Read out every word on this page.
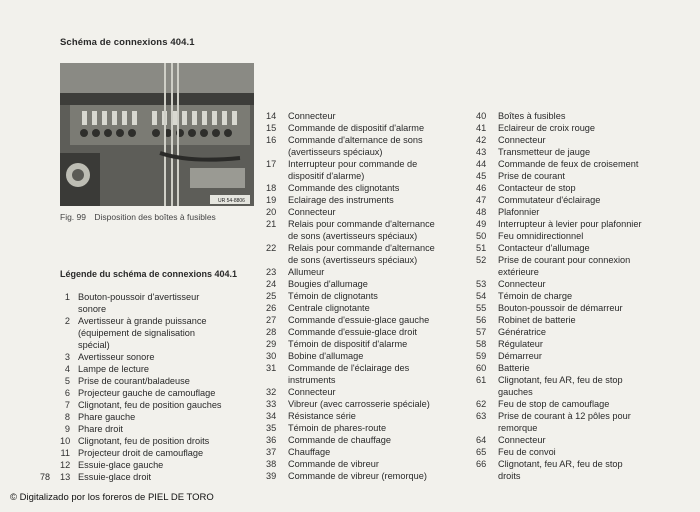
Schéma de connexions 404.1
UR 54-8806
Fig. 99 Disposition des boîtes à fusibles
Légende du schéma de connexions 404.1
1 Bouton-poussoir d'avertisseur
sonore
2 Avertisseur à grande puissance
(équipement de signalisation
spécial)
3 Avertisseur sonore
4 Lampe de lecture
5 Prise de courant/baladeuse
6 Projecteur gauche de camouflage
7 Clignotant, feu de position gauches
8 Phare gauche
9 Phare droit
10 Clignotant, feu de position droits
11 Projecteur droit de camouflage
12 Essuie-glace gauche
13 Essuie-glace droit
14 Connecteur
15 Commande de dispositif d'alarme
16 Commande d'alternance de sons
(avertisseurs spéciaux)
17 Interrupteur pour commande de
dispositif d'alarme)
18 Commande des clignotants
19 Eclairage des instruments
20 Connecteur
21 Relais pour commande d'alternance
de sons (avertisseurs spéciaux)
22 Relais pour commande d'alternance
de sons (avertisseurs spéciaux)
23 Allumeur
24 Bougies d'allumage
25 Témoin de clignotants
26 Centrale clignotante
27 Commande d'essuie-glace gauche
28 Commande d'essuie-glace droit
29 Témoin de dispositif d'alarme
30 Bobine d'allumage
31 Commande de l'éclairage des
instruments
32 Connecteur
33 Vibreur (avec carrosserie spéciale)
34 Résistance série
35 Témoin de phares-route
36 Commande de chauffage
37 Chauffage
38 Commande de vibreur
39 Commande de vibreur (remorque)
40 Boîtes à fusibles
41 Eclaireur de croix rouge
42 Connecteur
43 Transmetteur de jauge
44 Commande de feux de croisement
45 Prise de courant
46 Contacteur de stop
47 Commutateur d'éclairage
48 Plafonnier
49 Interrupteur à levier pour plafonnier
50 Feu omnidirectionnel
51 Contacteur d'allumage
52 Prise de courant pour connexion
extérieure
53 Connecteur
54 Témoin de charge
55 Bouton-poussoir de démarreur
56 Robinet de batterie
57 Génératrice
58 Régulateur
59 Démarreur
60 Batterie
61 Clignotant, feu AR, feu de stop
gauches
62 Feu de stop de camouflage
63 Prise de courant à 12 pôles pour
remorque
64 Connecteur
65 Feu de convoi
66 Clignotant, feu AR, feu de stop
droits
78
© Digitalizado por los foreros de PIEL DE TORO
